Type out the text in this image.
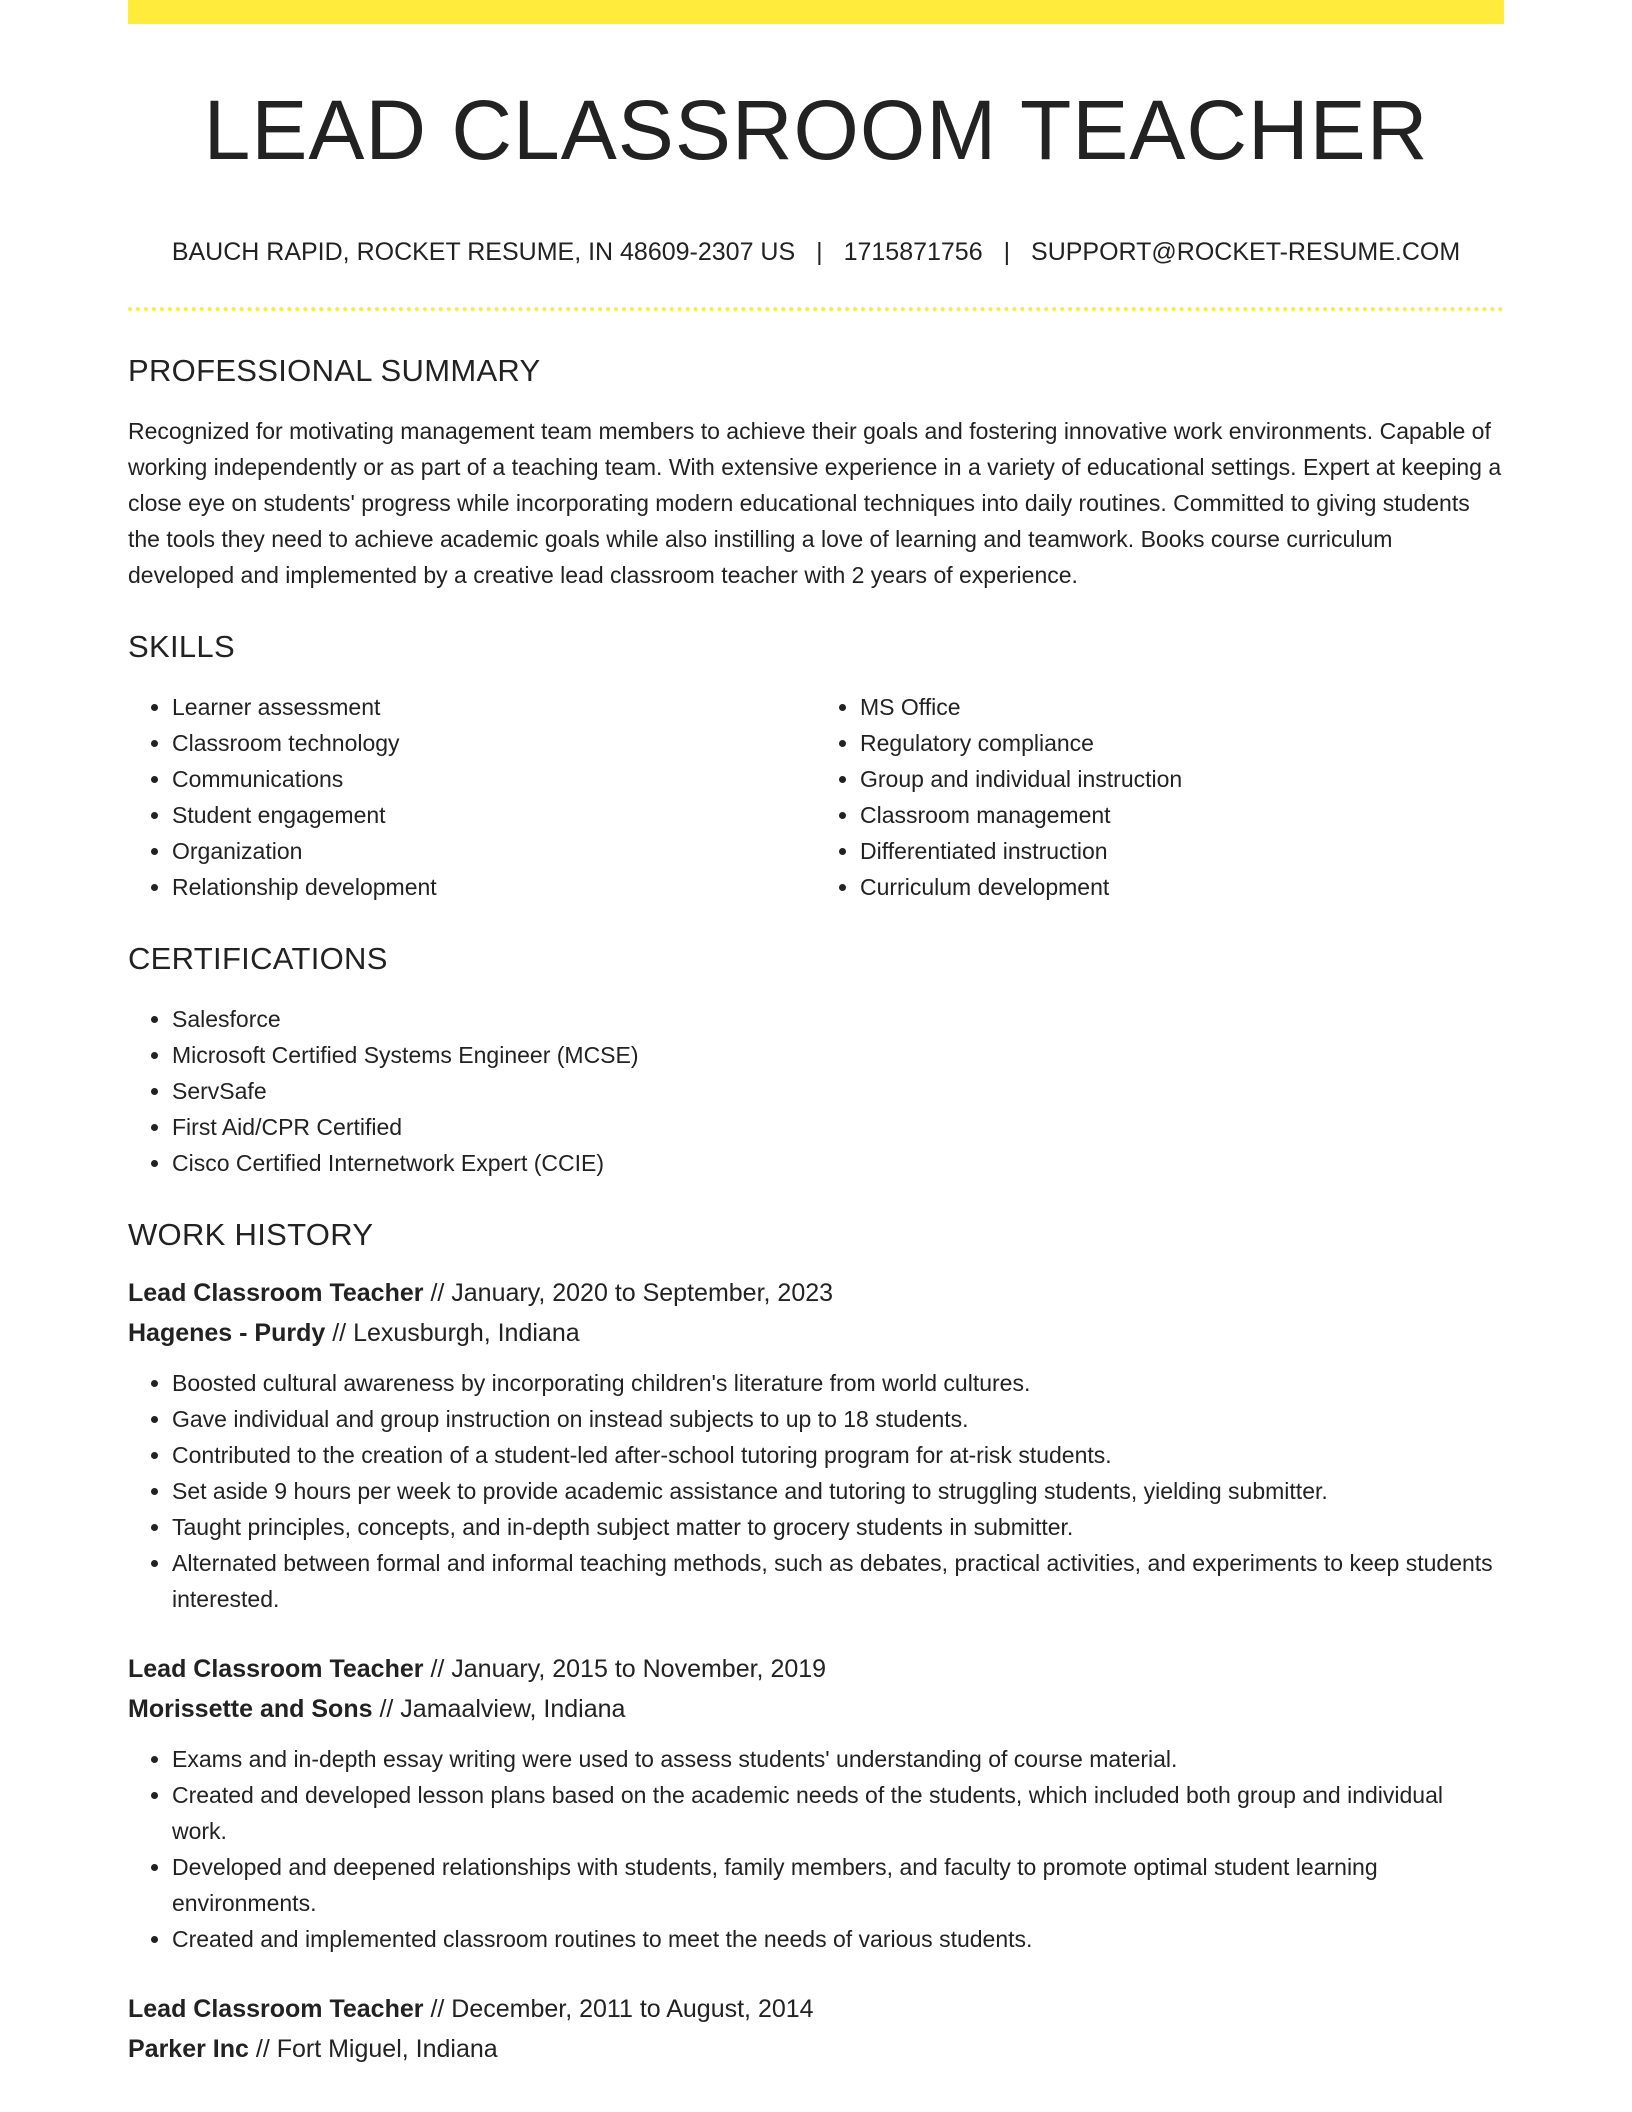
LEAD CLASSROOM TEACHER
BAUCH RAPID, ROCKET RESUME, IN 48609-2307 US | 1715871756 | SUPPORT@ROCKET-RESUME.COM
PROFESSIONAL SUMMARY

Recognized for motivating management team members to achieve their goals and fostering innovative work environments. Capable of working independently or as part of a teaching team. With extensive experience in a variety of educational settings. Expert at keeping a close eye on students' progress while incorporating modern educational techniques into daily routines. Committed to giving students the tools they need to achieve academic goals while also instilling a love of learning and teamwork. Books course curriculum developed and implemented by a creative lead classroom teacher with 2 years of experience.

SKILLS
• Learner assessment
• Classroom technology
• Communications
• Student engagement
• Organization
• Relationship development
• MS Office
• Regulatory compliance
• Group and individual instruction
• Classroom management
• Differentiated instruction
• Curriculum development
CERTIFICATIONS
• Salesforce
• Microsoft Certified Systems Engineer (MCSE)
• ServSafe
• First Aid/CPR Certified
• Cisco Certified Internetwork Expert (CCIE)
WORK HISTORY
Lead Classroom Teacher // January, 2020 to September, 2023
Hagenes - Purdy // Lexusburgh, Indiana
• Boosted cultural awareness by incorporating children's literature from world cultures.
• Gave individual and group instruction on instead subjects to up to 18 students.
• Contributed to the creation of a student-led after-school tutoring program for at-risk students.
• Set aside 9 hours per week to provide academic assistance and tutoring to struggling students, yielding submitter.
• Taught principles, concepts, and in-depth subject matter to grocery students in submitter.
• Alternated between formal and informal teaching methods, such as debates, practical activities, and experiments to keep students interested.
Lead Classroom Teacher // January, 2015 to November, 2019
Morissette and Sons // Jamaalview, Indiana
• Exams and in-depth essay writing were used to assess students' understanding of course material.
• Created and developed lesson plans based on the academic needs of the students, which included both group and individual work.
• Developed and deepened relationships with students, family members, and faculty to promote optimal student learning environments.
• Created and implemented classroom routines to meet the needs of various students.
Lead Classroom Teacher // December, 2011 to August, 2014
Parker Inc // Fort Miguel, Indiana
